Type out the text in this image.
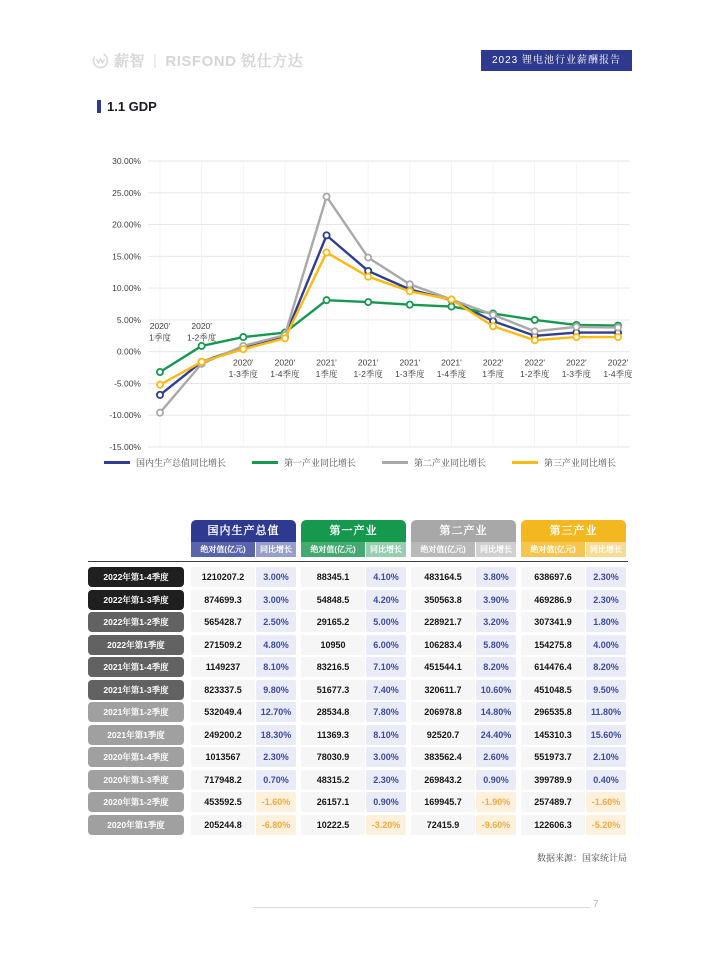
薪智 | RISFOND 锐仕方达	2023 锂电池行业薪酬报告
1.1 GDP
30.00%
25.00%
20.00%
15.00%
10.00%
5.00%
0.00%
-5.00%
-10.00%
-15.00%
2020' 1季度
2020' 1-2季度
2020' 1-3季度
2020' 1-4季度
2021' 1季度
2021' 1-2季度
2021' 1-3季度
2021' 1-4季度
2022' 1季度
2022' 1-2季度
2022' 1-3季度
2022' 1-4季度
国内生产总值同比增长	第一产业同比增长	第二产业同比增长	第三产业同比增长
国内生产总值	第一产业	第二产业	第三产业
绝对值(亿元)	同比增长	绝对值(亿元)	同比增长	绝对值(亿元)	同比增长	绝对值(亿元)	同比增长
2022年第1-4季度	1210207.2	3.00%	88345.1	4.10%	483164.5	3.80%	638697.6	2.30%
2022年第1-3季度	874699.3	3.00%	54848.5	4.20%	350563.8	3.90%	469286.9	2.30%
2022年第1-2季度	565428.7	2.50%	29165.2	5.00%	228921.7	3.20%	307341.9	1.80%
2022年第1季度	271509.2	4.80%	10950	6.00%	106283.4	5.80%	154275.8	4.00%
2021年第1-4季度	1149237	8.10%	83216.5	7.10%	451544.1	8.20%	614476.4	8.20%
2021年第1-3季度	823337.5	9.80%	51677.3	7.40%	320611.7	10.60%	451048.5	9.50%
2021年第1-2季度	532049.4	12.70%	28534.8	7.80%	206978.8	14.80%	296535.8	11.80%
2021年第1季度	249200.2	18.30%	11369.3	8.10%	92520.7	24.40%	145310.3	15.60%
2020年第1-4季度	1013567	2.30%	78030.9	3.00%	383562.4	2.60%	551973.7	2.10%
2020年第1-3季度	717948.2	0.70%	48315.2	2.30%	269843.2	0.90%	399789.9	0.40%
2020年第1-2季度	453592.5	-1.60%	26157.1	0.90%	169945.7	-1.90%	257489.7	-1.60%
2020年第1季度	205244.8	-6.80%	10222.5	-3.20%	72415.9	-9.60%	122606.3	-5.20%
数据来源：国家统计局
7
